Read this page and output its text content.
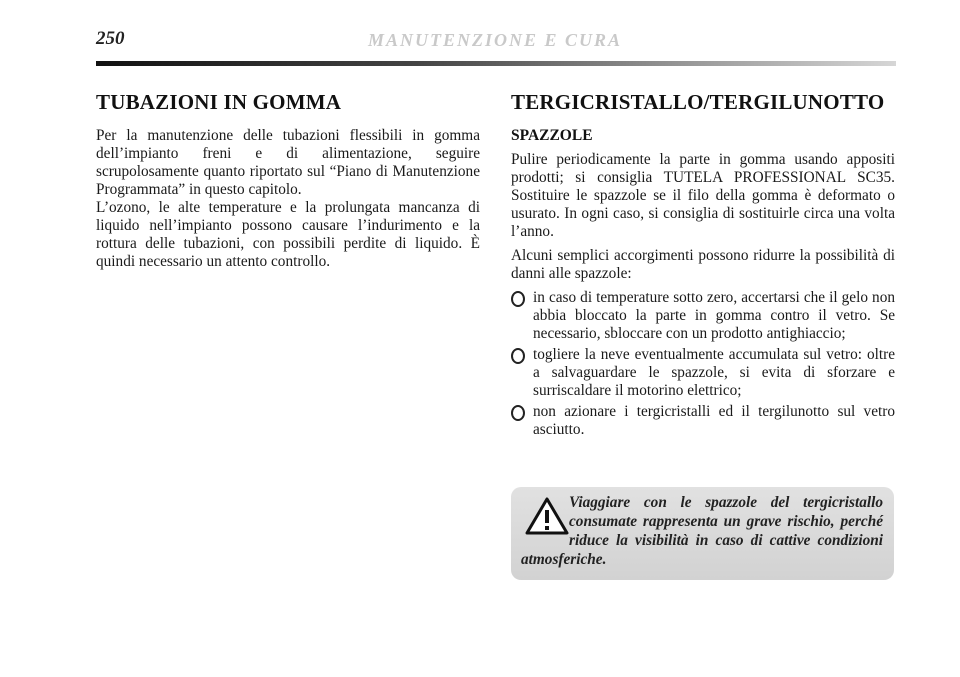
250	MANUTENZIONE E CURA
TUBAZIONI IN GOMMA

Per la manutenzione delle tubazioni flessibili in gomma dell’impianto freni e di alimentazione, seguire scrupolosamente quanto riportato sul “Piano di Manutenzione Programmata” in questo capitolo.

L’ozono, le alte temperature e la prolungata mancanza di liquido nell’impianto possono causare l’indurimento e la rottura delle tubazioni, con possibili perdite di liquido. È quindi necessario un attento controllo.

TERGICRISTALLO/TERGILUNOTTO
SPAZZOLE

Pulire periodicamente la parte in gomma usando appositi prodotti; si consiglia TUTELA PROFESSIONAL SC35. Sostituire le spazzole se il filo della gomma è deformato o usurato. In ogni caso, si consiglia di sostituirle circa una volta l’anno.

Alcuni semplici accorgimenti possono ridurre la possibilità di danni alle spazzole:

in caso di temperature sotto zero, accertarsi che il gelo non abbia bloccato la parte in gomma contro il vetro. Se necessario, sbloccare con un prodotto antighiaccio;
togliere la neve eventualmente accumulata sul vetro: oltre a salvaguardare le spazzole, si evita di sforzare e surriscaldare il motorino elettrico;
non azionare i tergicristalli ed il tergilunotto sul vetro asciutto.
Viaggiare con le spazzole del tergicristallo consumate rappresenta un grave rischio, perché riduce la visibilità in caso di cattive condizioni atmosferiche.
